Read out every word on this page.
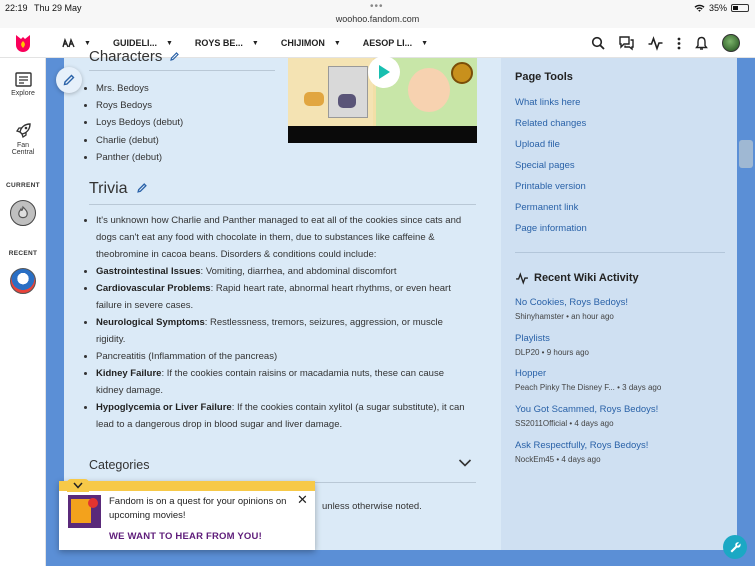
22:19 Thu 29 May	•••
woohoo.fandom.com
35%
▼ GUIDELI... ▼ ROYS BE... ▼ CHIJIMON ▼ AESOP LI... ▼
Explore
Fan
Central
CURRENT
RECENT
Characters
• Mrs. Bedoys
• Roys Bedoys
• Loys Bedoys (debut)
• Charlie (debut)
• Panther (debut)
Trivia
• It's unknown how Charlie and Panther managed to eat all of the cookies since cats and dogs can't eat any food with chocolate in them, due to substances like caffeine & theobromine in cacoa beans. Disorders & conditions could include:
• Gastrointestinal Issues: Vomiting, diarrhea, and abdominal discomfort
• Cardiovascular Problems: Rapid heart rate, abnormal heart rhythms, or even heart failure in severe cases.
• Neurological Symptoms: Restlessness, tremors, seizures, aggression, or muscle rigidity.
• Pancreatitis (Inflammation of the pancreas)
• Kidney Failure: If the cookies contain raisins or macadamia nuts, these can cause kidney damage.
• Hypoglycemia or Liver Failure: If the cookies contain xylitol (a sugar substitute), it can lead to a dangerous drop in blood sugar and liver damage.
Categories
unless otherwise noted.
Page Tools
What links here
Related changes
Upload file
Special pages
Printable version
Permanent link
Page information
Recent Wiki Activity
No Cookies, Roys Bedoys!
Shinyhamster • an hour ago
Playlists
DLP20 • 9 hours ago
Hopper
Peach Pinky The Disney F... • 3 days ago
You Got Scammed, Roys Bedoys!
SS2011Official • 4 days ago
Ask Respectfully, Roys Bedoys!
NockEm45 • 4 days ago
Fandom is on a quest for your opinions on upcoming movies!
WE WANT TO HEAR FROM YOU!
✕
